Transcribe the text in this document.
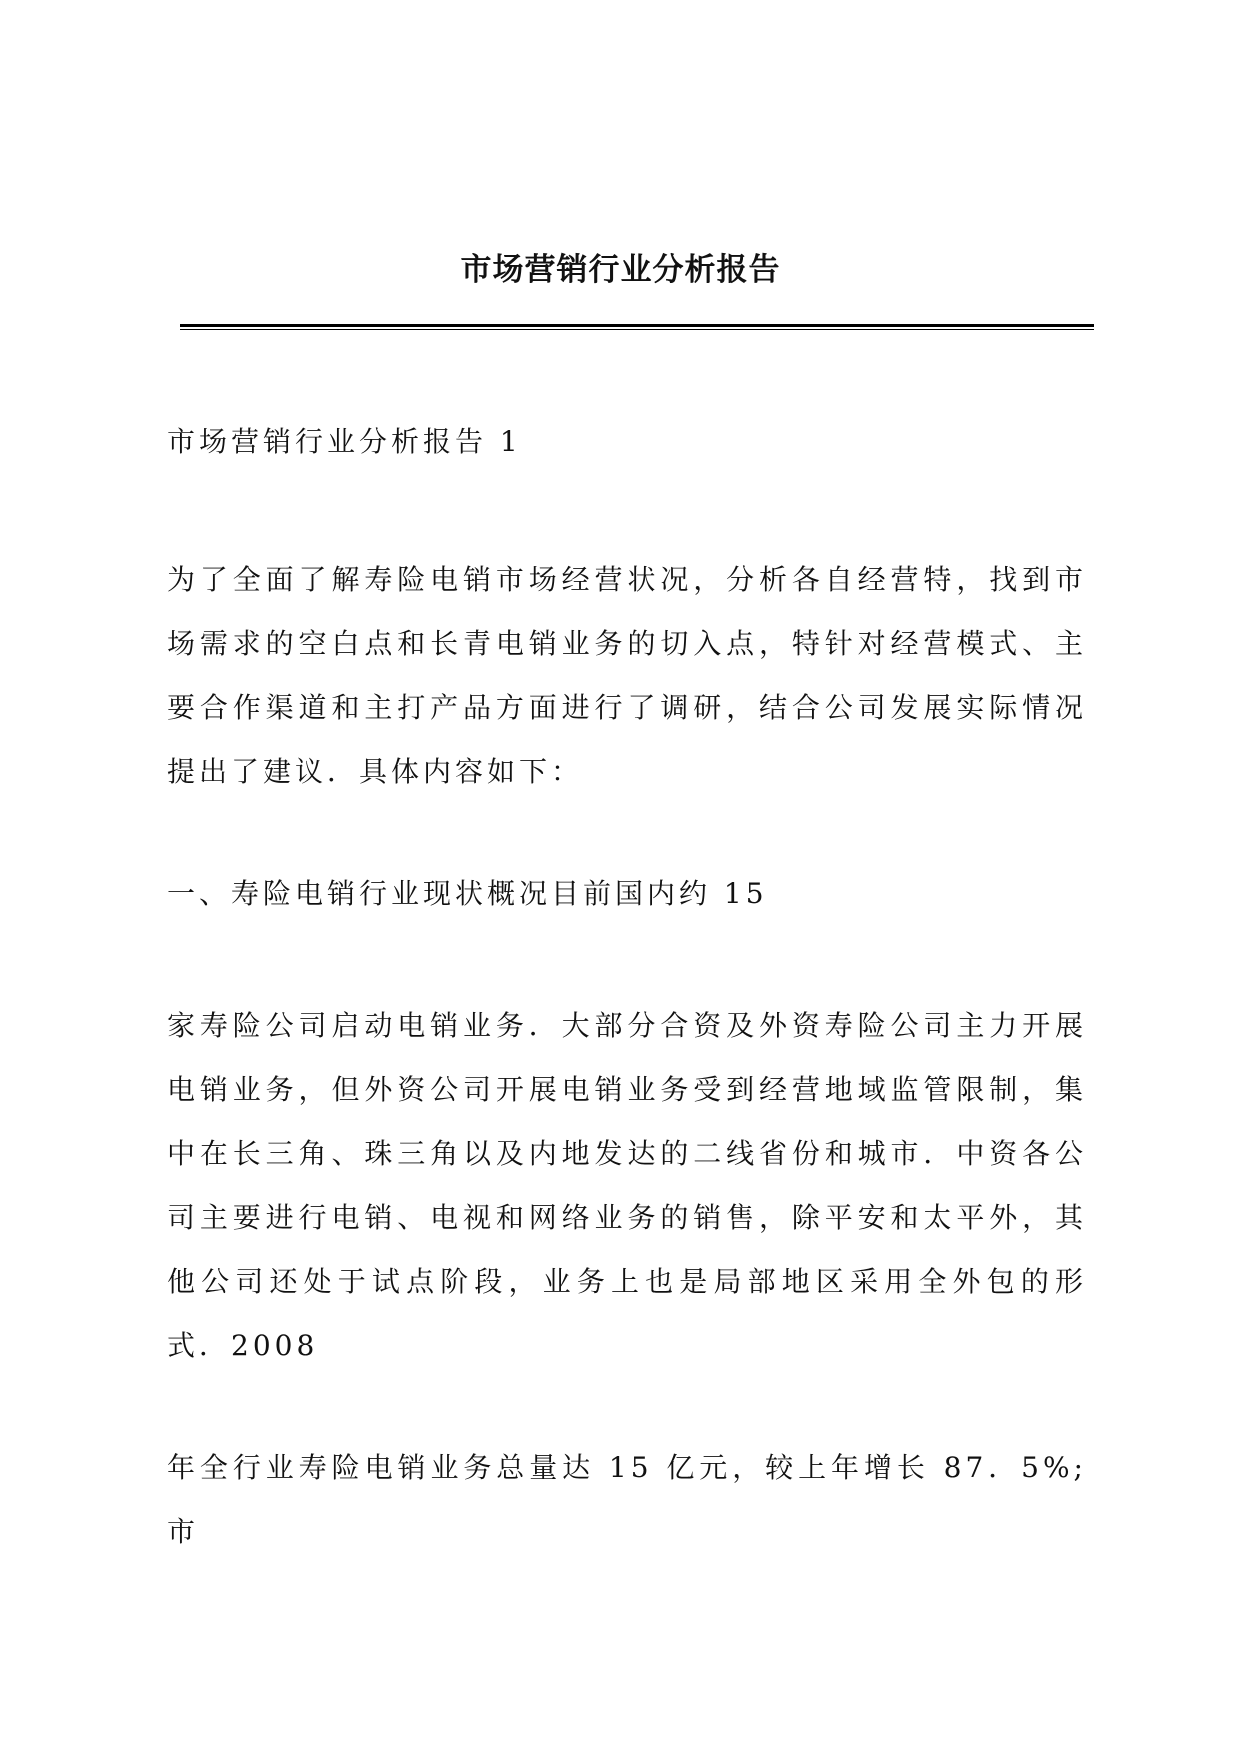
市场营销行业分析报告

市场营销行业分析报告 1

为了全面了解寿险电销市场经营状况，分析各自经营特，找到市场需求的空白点和长青电销业务的切入点，特针对经营模式、主要合作渠道和主打产品方面进行了调研，结合公司发展实际情况提出了建议．具体内容如下：

一、寿险电销行业现状概况目前国内约 15

家寿险公司启动电销业务．大部分合资及外资寿险公司主力开展电销业务，但外资公司开展电销业务受到经营地域监管限制，集中在长三角、珠三角以及内地发达的二线省份和城市．中资各公司主要进行电销、电视和网络业务的销售，除平安和太平外，其他公司还处于试点阶段，业务上也是局部地区采用全外包的形式．2008

年全行业寿险电销业务总量达 15 亿元，较上年增长 87．5%;市
